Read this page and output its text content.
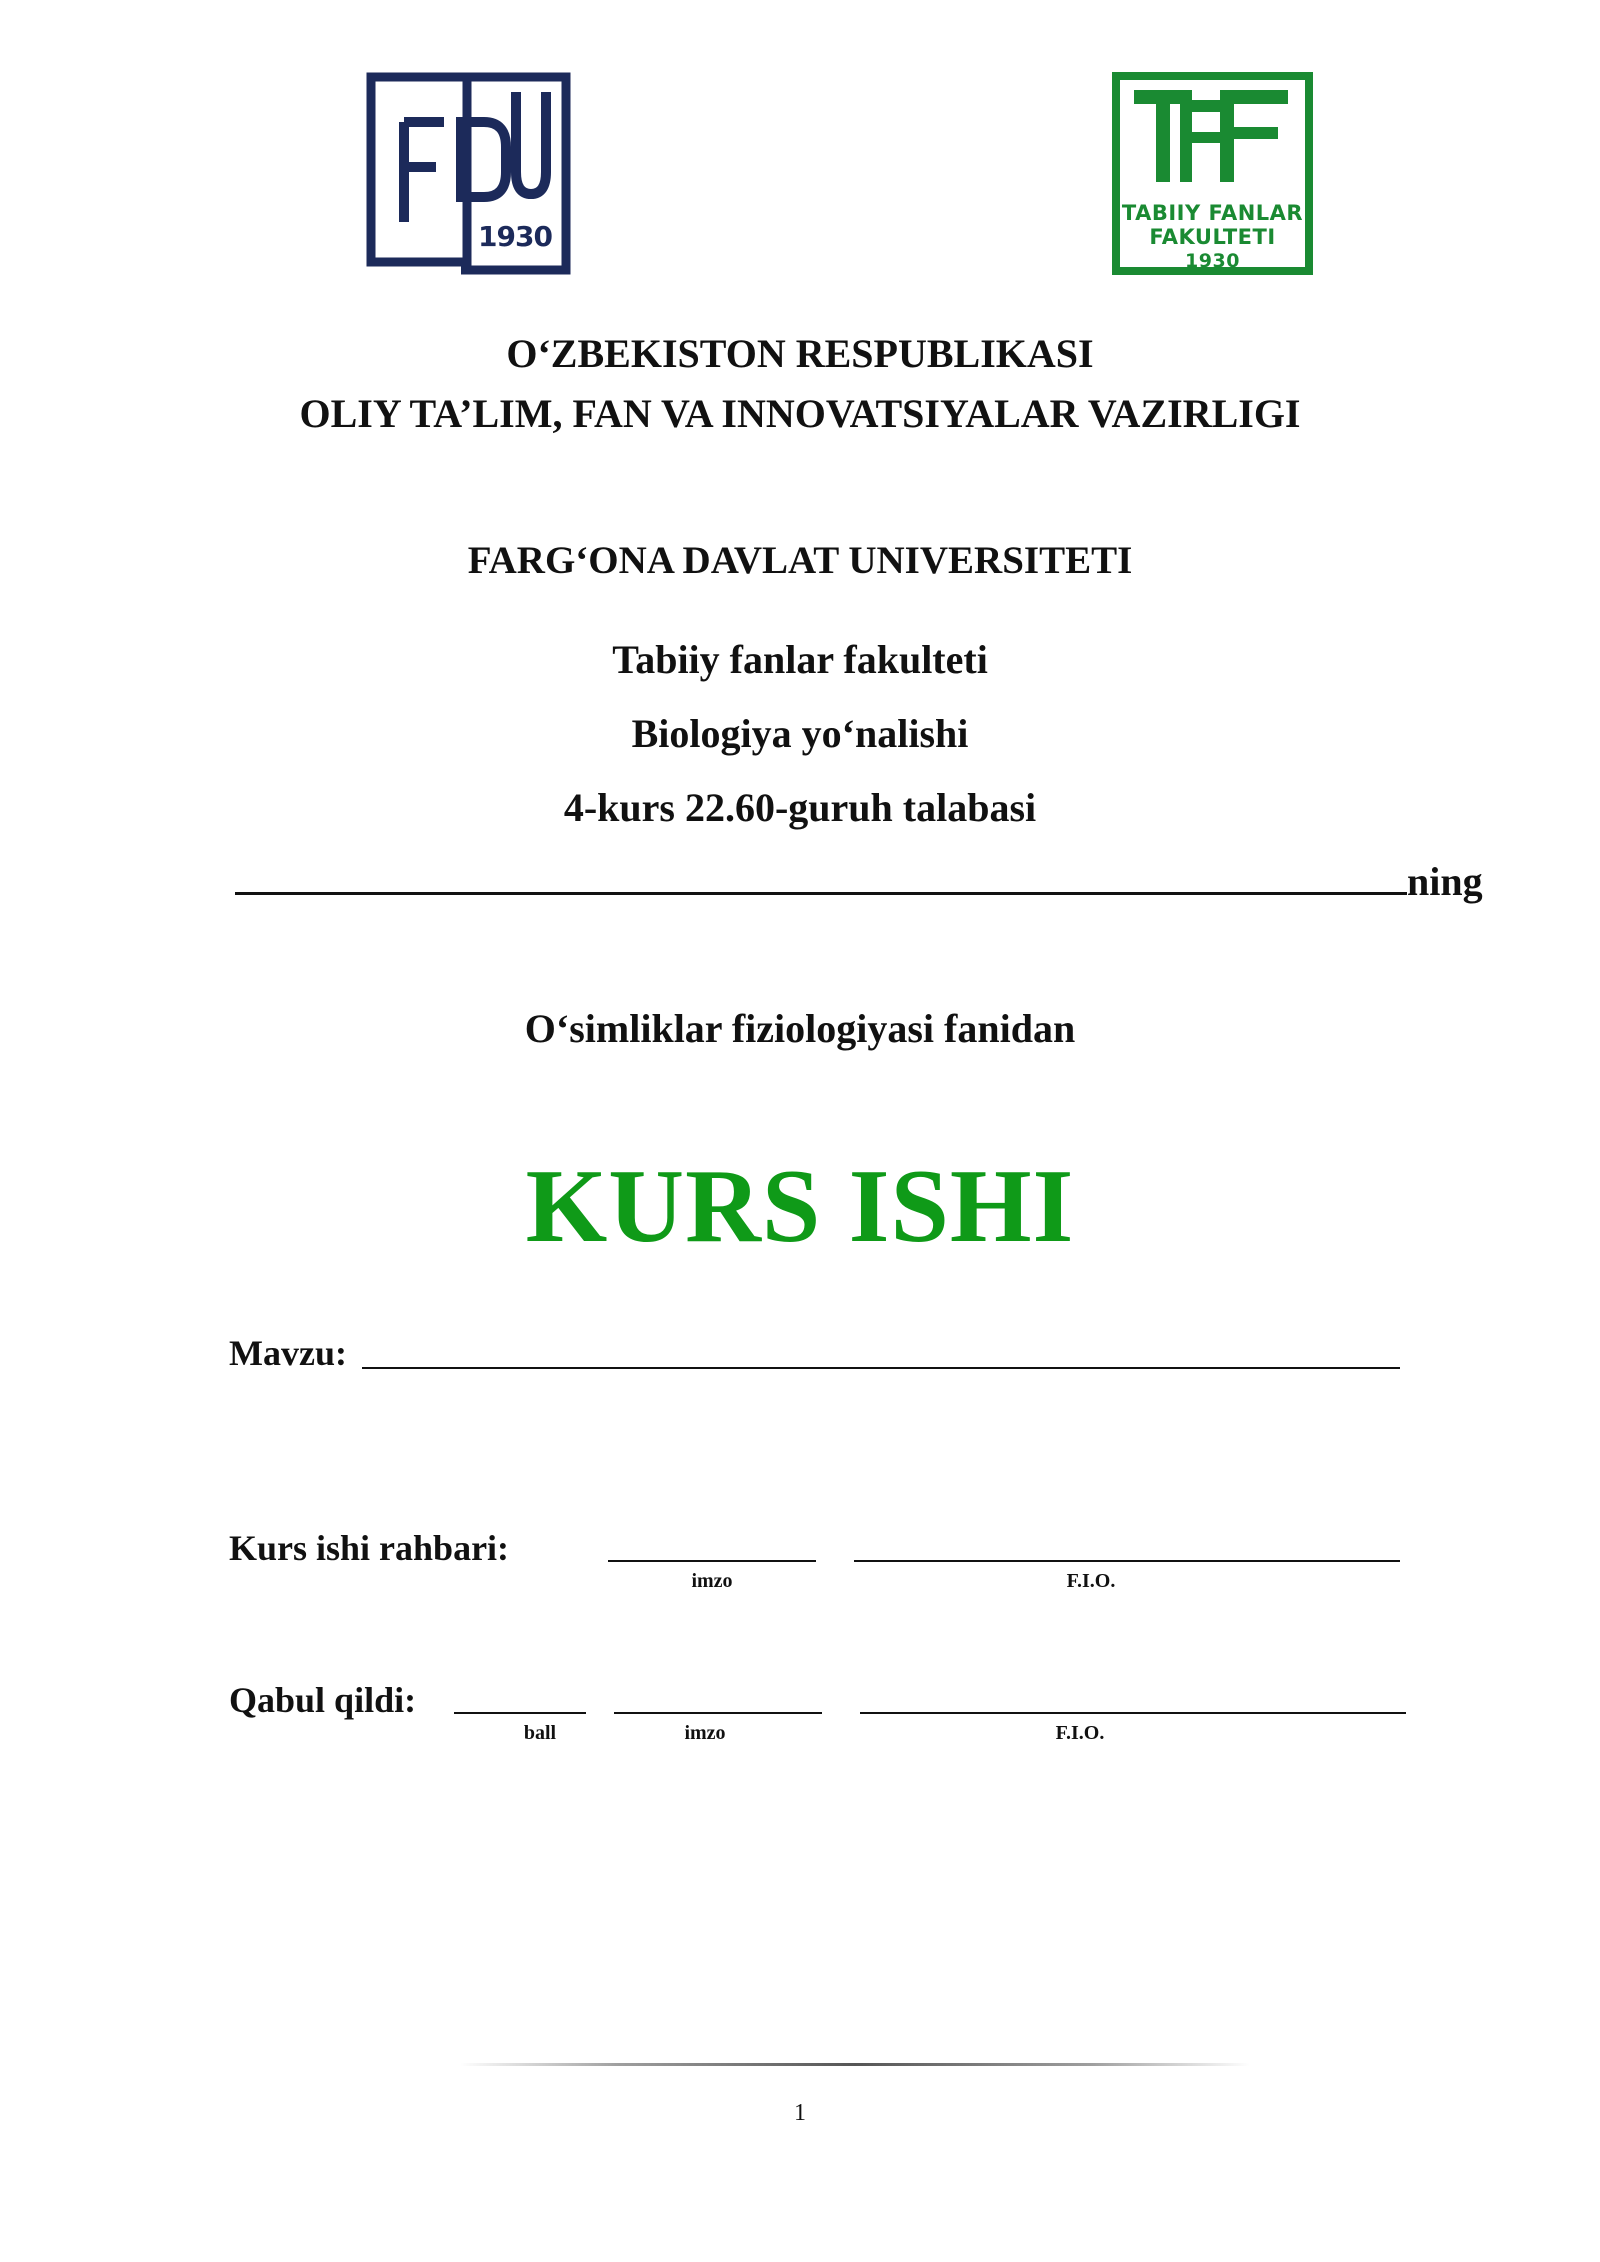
1930
TABIIY FANLAR
FAKULTETI
1930
O‘ZBEKISTON RESPUBLIKASI
OLIY TA’LIM, FAN VA INNOVATSIYALAR VAZIRLIGI
FARG‘ONA DAVLAT UNIVERSITETI
Tabiiy fanlar fakulteti
Biologiya yo‘nalishi
4-kurs 22.60-guruh talabasi
ning
O‘simliklar fiziologiyasi fanidan
KURS ISHI
Mavzu:
Kurs ishi rahbari:
imzo	F.I.O.
Qabul qildi:
ball	imzo	F.I.O.
1
